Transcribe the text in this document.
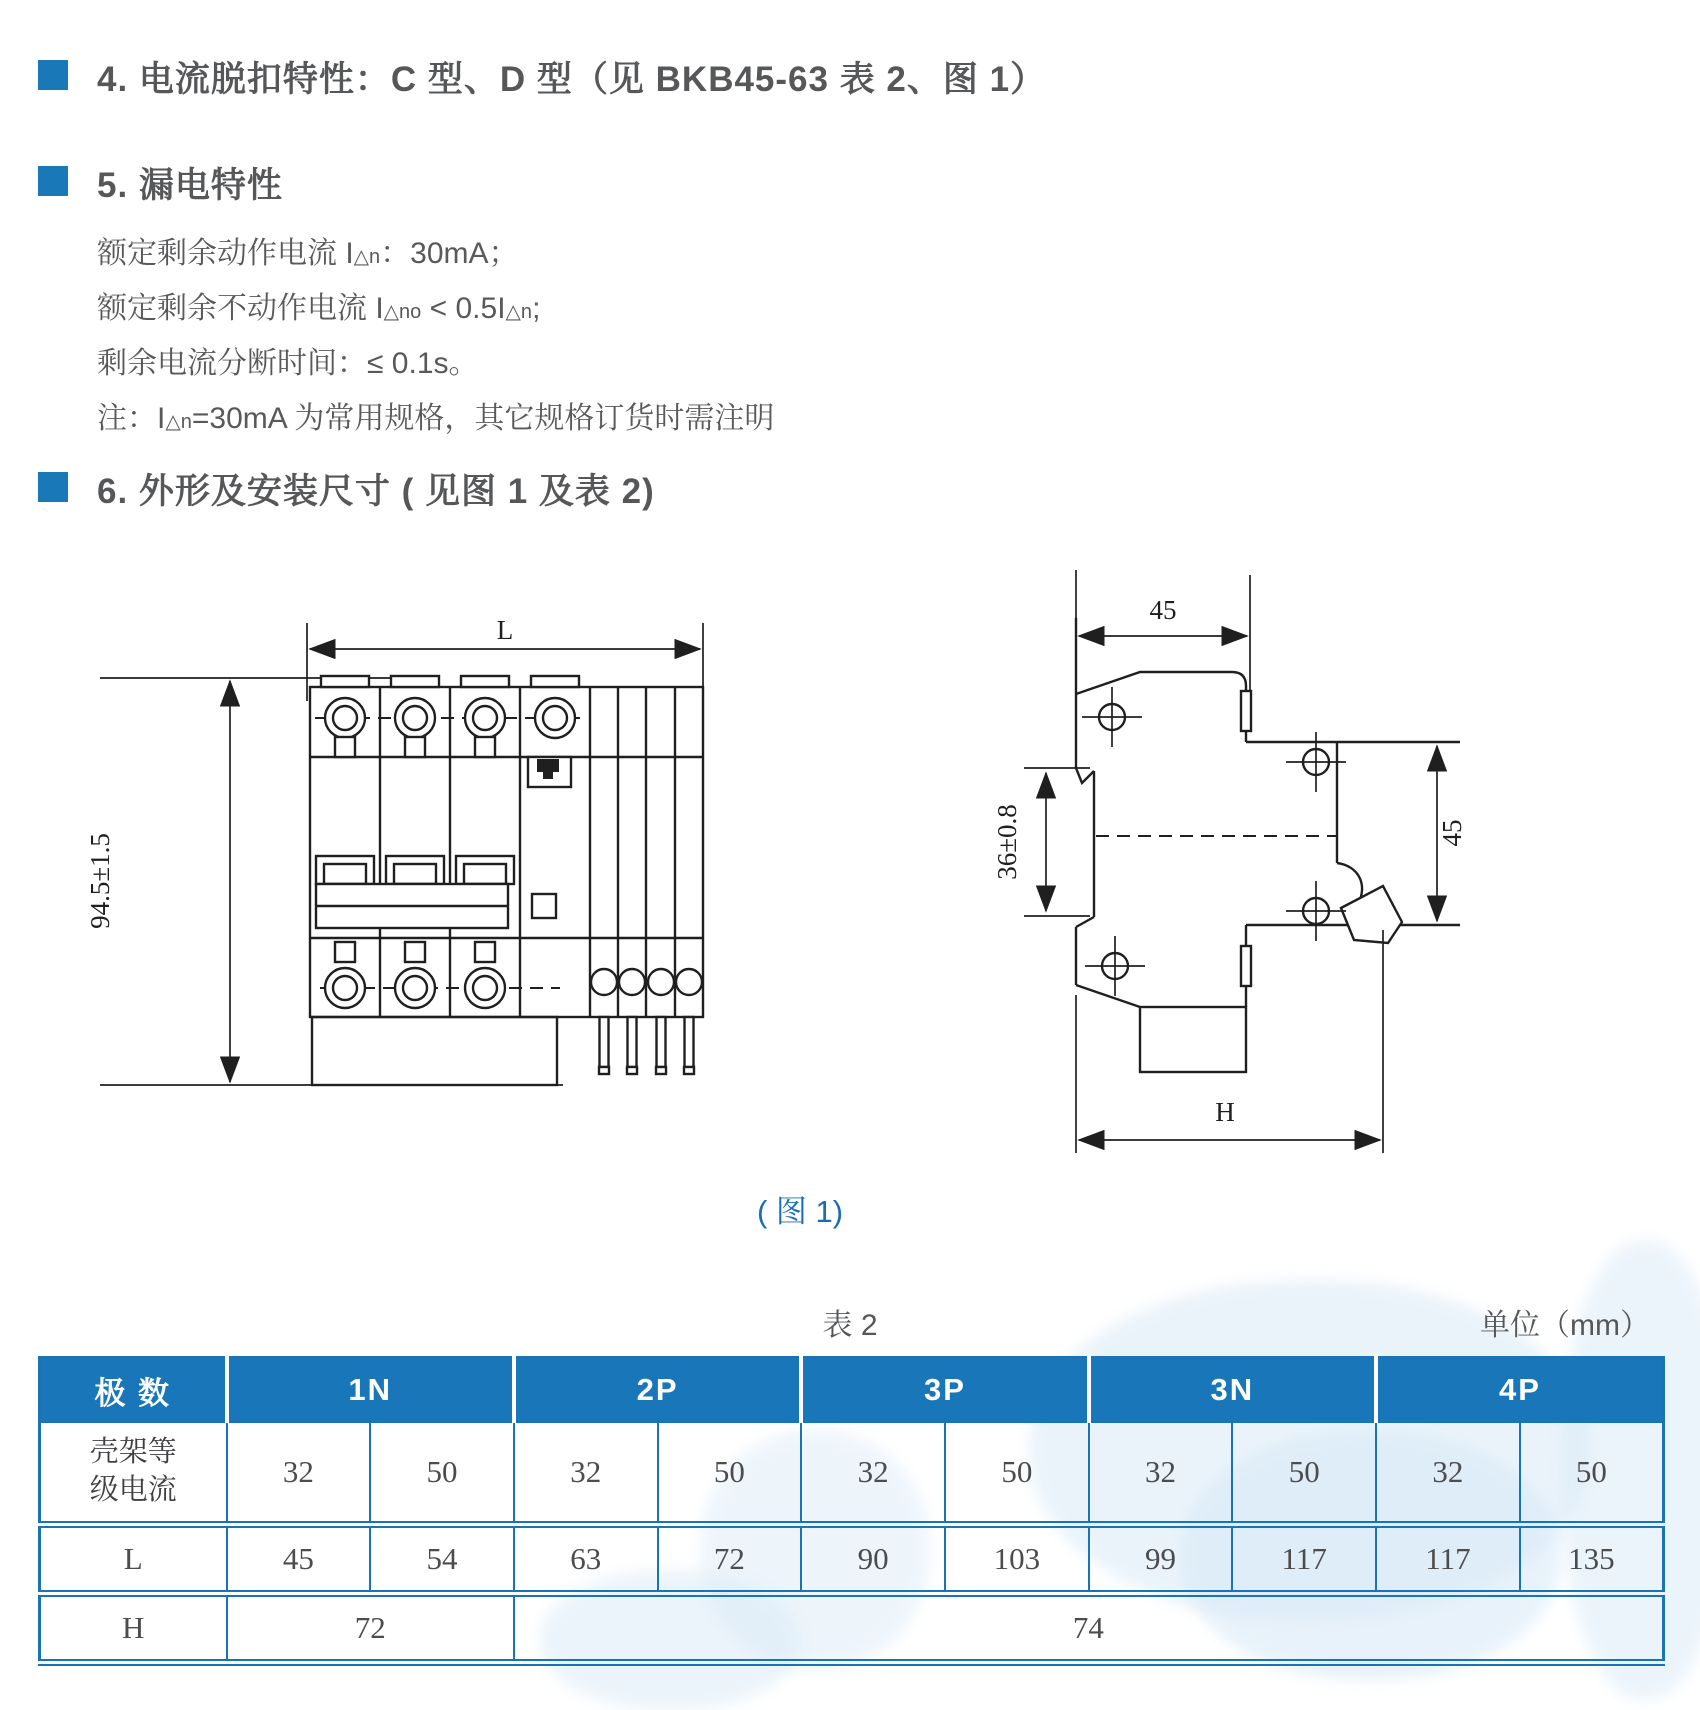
4. 电流脱扣特性：C 型、D 型（见 BKB45-63 表 2、图 1）
5. 漏电特性
额定剩余动作电流 I△n：30mA；
额定剩余不动作电流 I△no < 0.5I△n;
剩余电流分断时间：≤ 0.1s。
注：I△n=30mA 为常用规格，其它规格订货时需注明
6. 外形及安装尺寸 ( 见图 1 及表 2)
94.5±1.5
L
45
36±0.8	45
H
( 图 1)
表 2	单位（mm）
极 数	1N		2P		3P		3N		4P	
壳架等
级电流	32	50	32	50	32	50	32	50	32	50
L	45	54	63	72	90	103	99	117	117	135
H	72		74							
